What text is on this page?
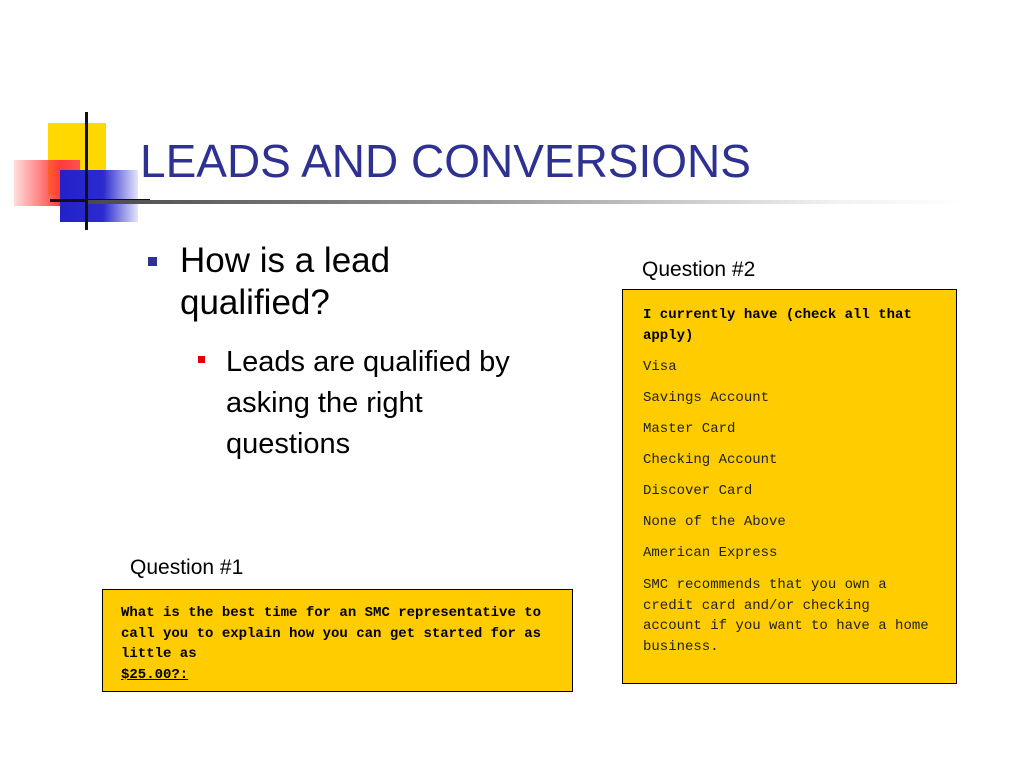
LEADS AND CONVERSIONS
How is a lead qualified?
Leads are qualified by asking the right questions
Question #1
What is the best time for an SMC representative to call you to explain how you can get started for as little as
$25.00?:
Question #2
I currently have (check all that apply)
Visa
Savings Account
Master Card
Checking Account
Discover Card
None of the Above
American Express
SMC recommends that you own a credit card and/or checking account if you want to have a home business.
